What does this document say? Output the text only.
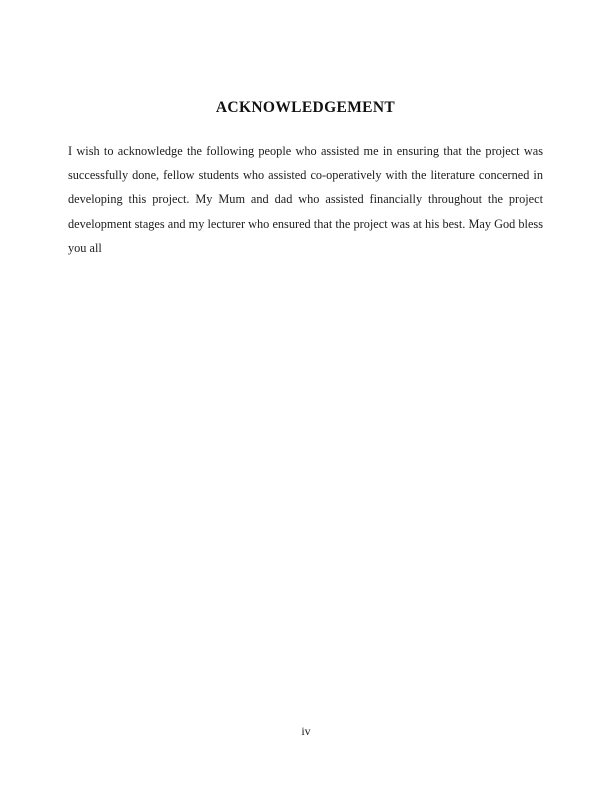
ACKNOWLEDGEMENT

I wish to acknowledge the following people who assisted me in ensuring that the project was successfully done, fellow students who assisted co-operatively with the literature concerned in developing this project. My Mum and dad who assisted financially throughout the project development stages and my lecturer who ensured that the project was at his best. May God bless you all

iv
